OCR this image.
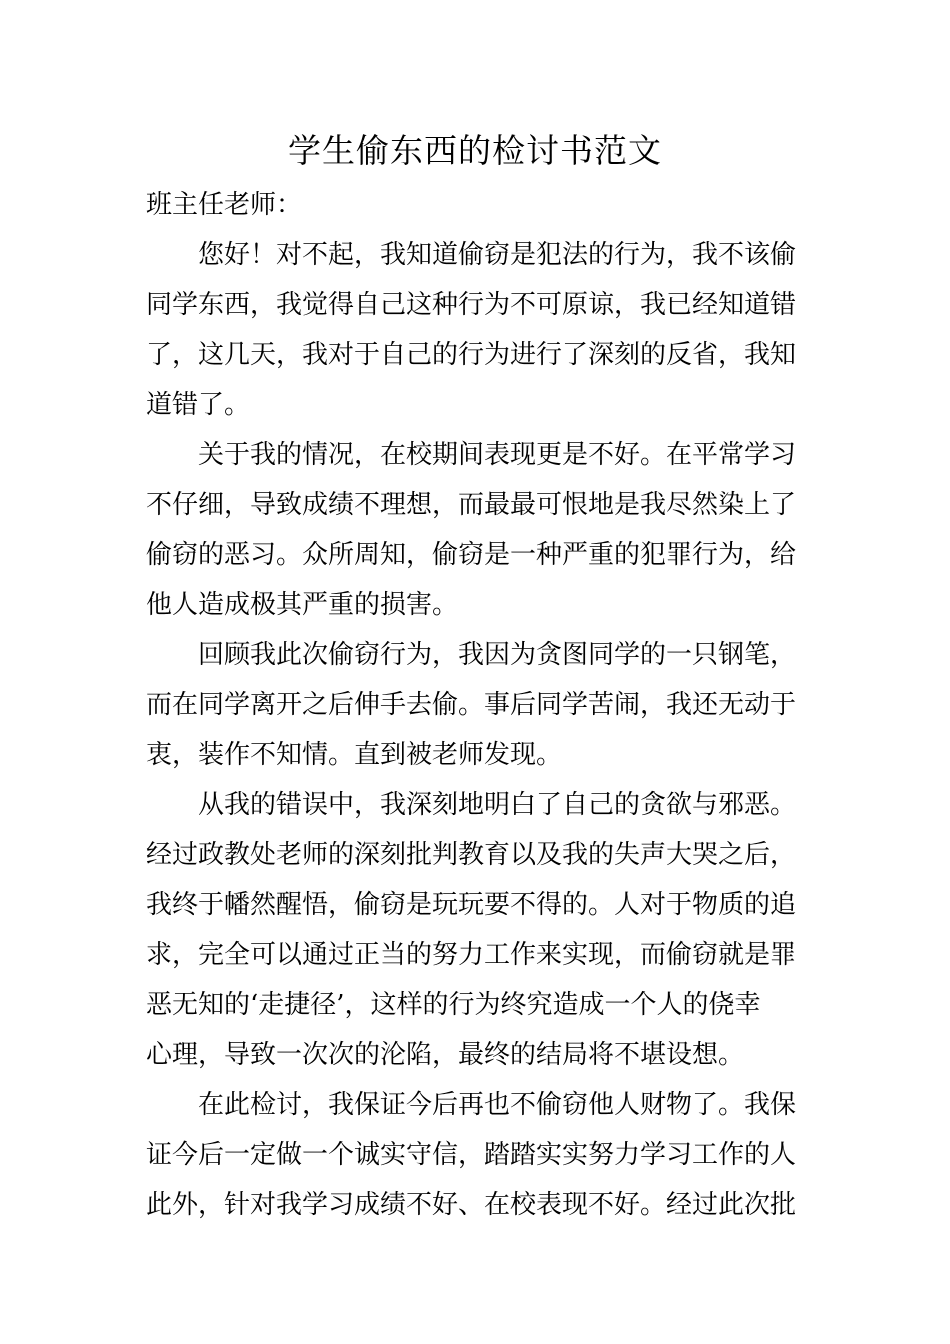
学生偷东西的检讨书范文

班主任老师：

您好！对不起，我知道偷窃是犯法的行为，我不该偷
同学东西，我觉得自己这种行为不可原谅，我已经知道错
了，这几天，我对于自己的行为进行了深刻的反省，我知
道错了。

关于我的情况，在校期间表现更是不好。在平常学习
不仔细，导致成绩不理想，而最最可恨地是我尽然染上了
偷窃的恶习。众所周知，偷窃是一种严重的犯罪行为，给
他人造成极其严重的损害。

回顾我此次偷窃行为，我因为贪图同学的一只钢笔，
而在同学离开之后伸手去偷。事后同学苦闹，我还无动于
衷，装作不知情。直到被老师发现。

从我的错误中，我深刻地明白了自己的贪欲与邪恶。
经过政教处老师的深刻批判教育以及我的失声大哭之后，
我终于幡然醒悟，偷窃是玩玩要不得的。人对于物质的追
求，完全可以通过正当的努力工作来实现，而偷窃就是罪
恶无知的‘走捷径’，这样的行为终究造成一个人的侥幸
心理，导致一次次的沦陷，最终的结局将不堪设想。

在此检讨，我保证今后再也不偷窃他人财物了。我保
证今后一定做一个诚实守信，踏踏实实努力学习工作的人
此外，针对我学习成绩不好、在校表现不好。经过此次批
